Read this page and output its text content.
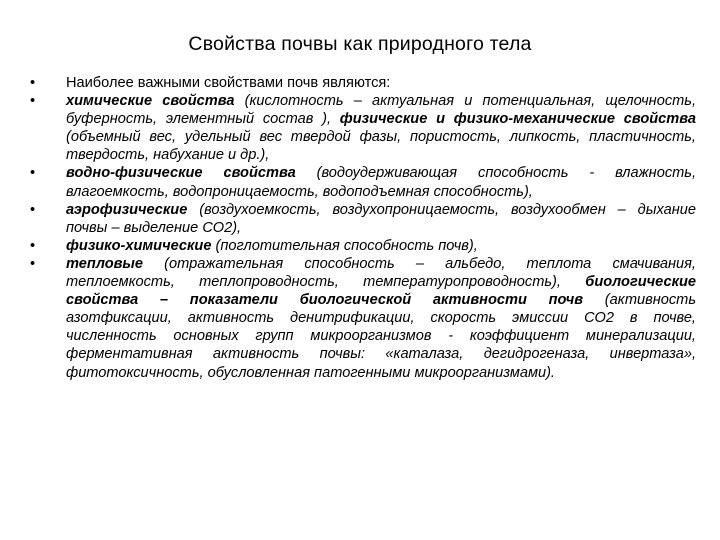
Свойства почвы как природного тела
•	Наиболее важными свойствами почв являются:
•	химические свойства (кислотность – актуальная и потенциальная, щелочность, буферность, элементный состав ), физические и физико-механические свойства (объемный вес, удельный вес твердой фазы, пористость, липкость, пластичность, твердость, набухание и др.),
•	водно-физические свойства (водоудерживающая способность - влажность, влагоемкость, водопроницаемость, водоподъемная способность),
•	аэрофизические (воздухоемкость, воздухопроницаемость, воздухообмен – дыхание почвы – выделение СО2),
•	физико-химические (поглотительная способность почв),
•	тепловые (отражательная способность – альбедо, теплота смачивания, теплоемкость, теплопроводность, температуропроводность), биологические свойства – показатели биологической активности почв (активность азотфиксации, активность денитрификации, скорость эмиссии СО2 в почве, численность основных групп микроорганизмов - коэффициент минерализации, ферментативная активность почвы: «каталаза, дегидрогеназа, инвертаза», фитотоксичность, обусловленная патогенными микроорганизмами).
